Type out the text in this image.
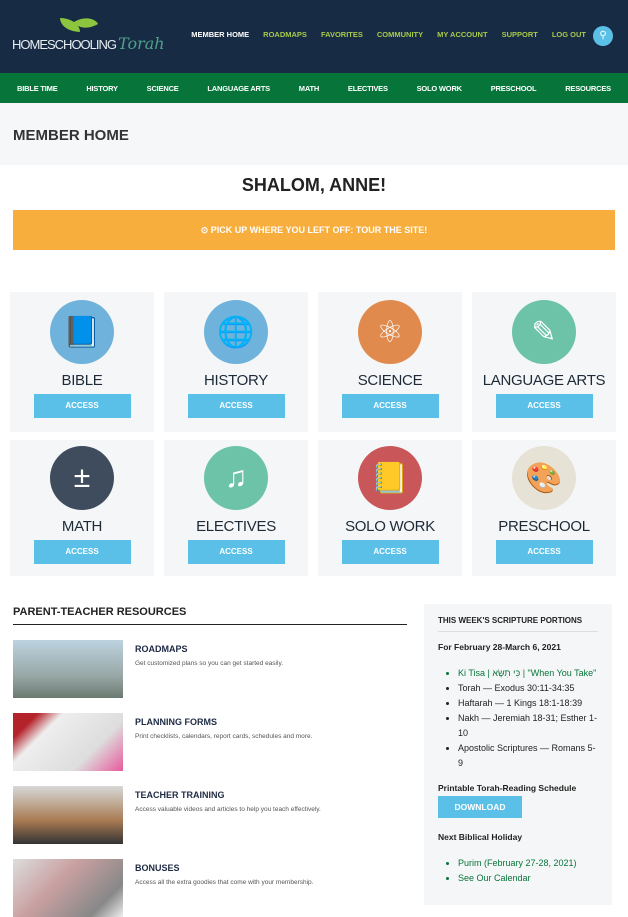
HOMESCHOOLING Torah	MEMBER HOME ROADMAPS FAVORITES COMMUNITY MY ACCOUNT SUPPORT LOG OUT	⚲
BIBLE TIME	HISTORY	SCIENCE	LANGUAGE ARTS	MATH	ELECTIVES	SOLO WORK	PRESCHOOL	RESOURCES
MEMBER HOME
SHALOM, ANNE!
⊙ PICK UP WHERE YOU LEFT OFF: TOUR THE SITE!
📘
BIBLE
ACCESS
🌐
HISTORY
ACCESS
⚛
SCIENCE
ACCESS
✎
LANGUAGE ARTS
ACCESS
±
MATH
ACCESS
♫
ELECTIVES
ACCESS
📒
SOLO WORK
ACCESS
🎨
PRESCHOOL
ACCESS
PARENT-TEACHER RESOURCES
ROADMAPS

Get customized plans so you can get started easily.

PLANNING FORMS

Print checklists, calendars, report cards, schedules and more.

TEACHER TRAINING

Access valuable videos and articles to help you teach effectively.

BONUSES

Access all the extra goodies that come with your membership.

THIS WEEK'S SCRIPTURE PORTIONS
For February 28-March 6, 2021
• Ki Tisa | כִּי תִשָּׂא | "When You Take"
• Torah — Exodus 30:11-34:35
• Haftarah — 1 Kings 18:1-18:39
• Nakh — Jeremiah 18-31; Esther 1-10
• Apostolic Scriptures — Romans 5-9
Printable Torah-Reading Schedule
DOWNLOAD
Next Biblical Holiday
• Purim (February 27-28, 2021)
• See Our Calendar
